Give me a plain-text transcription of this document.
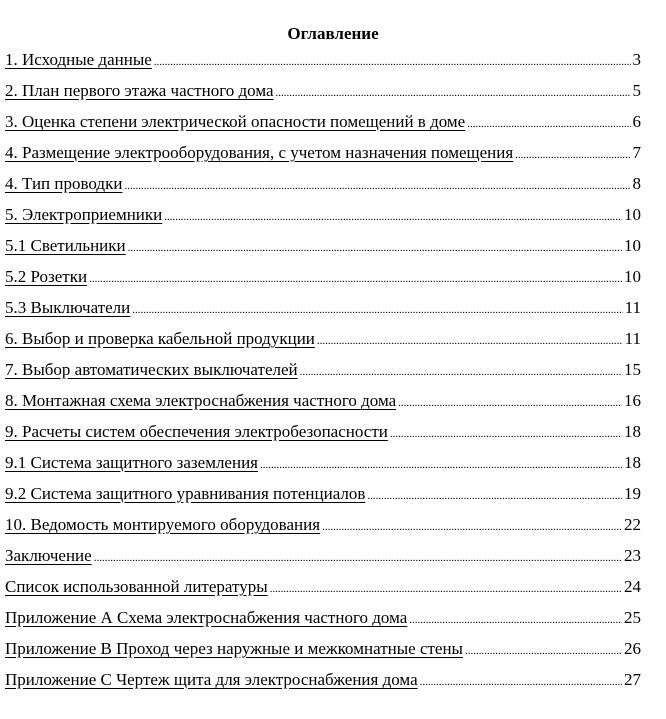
Оглавление
1. Исходные данные .....	3
2. План первого этажа частного дома .....	5
3. Оценка степени электрической опасности помещений в доме .....	6
4. Размещение электрооборудования, с учетом назначения помещения .....	7
4. Тип проводки .....	8
5. Электроприемники .....	10
5.1 Светильники .....	10
5.2 Розетки .....	10
5.3 Выключатели .....	11
6. Выбор и проверка кабельной продукции .....	11
7. Выбор автоматических выключателей .....	15
8. Монтажная схема электроснабжения частного дома .....	16
9. Расчеты систем обеспечения электробезопасности .....	18
9.1 Система защитного заземления .....	18
9.2 Система защитного уравнивания потенциалов .....	19
10. Ведомость монтируемого оборудования .....	22
Заключение .....	23
Список использованной литературы .....	24
Приложение А Схема электроснабжения частного дома .....	25
Приложение В Проход через наружные и межкомнатные стены .....	26
Приложение С Чертеж щита для электроснабжения дома .....	27
